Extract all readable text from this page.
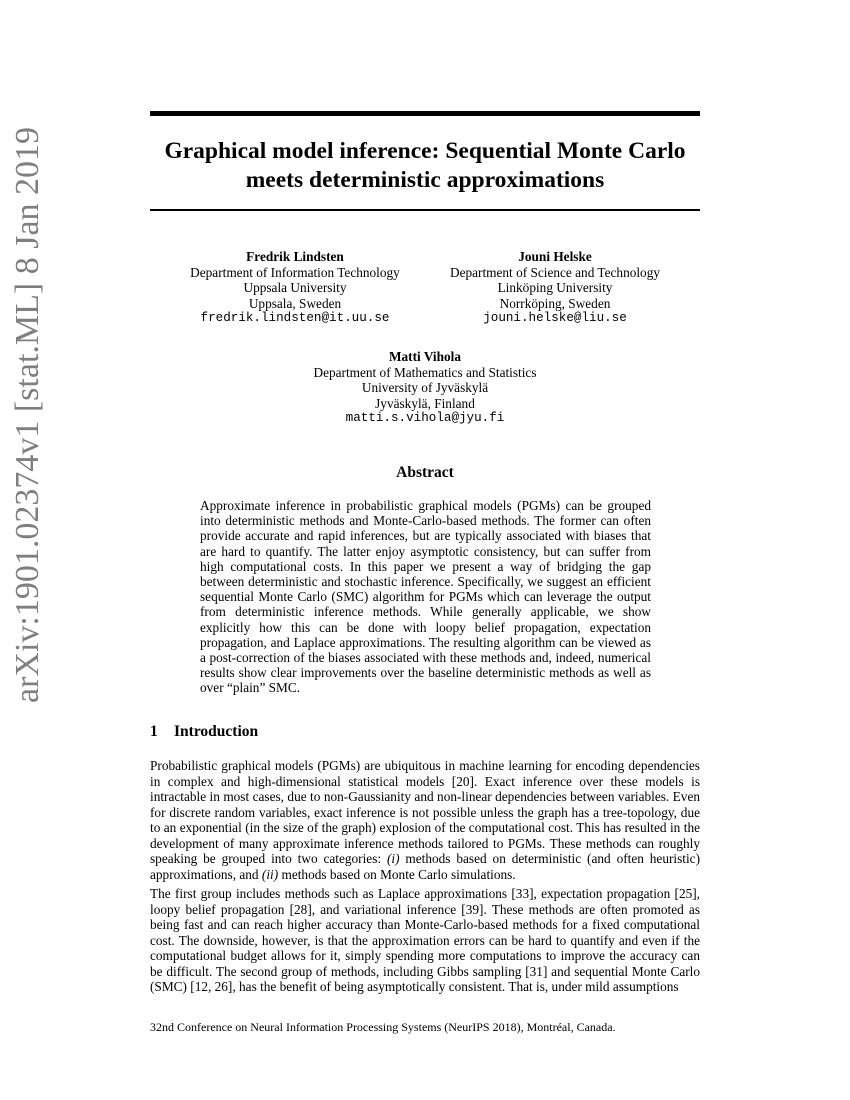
arXiv:1901.02374v1 [stat.ML] 8 Jan 2019	Graphical model inference: Sequential Monte Carlo meets deterministic approximations
Fredrik Lindsten
Department of Information Technology
Uppsala University
Uppsala, Sweden
fredrik.lindsten@it.uu.se
Jouni Helske
Department of Science and Technology
Linköping University
Norrköping, Sweden
jouni.helske@liu.se
Matti Vihola
Department of Mathematics and Statistics
University of Jyväskylä
Jyväskylä, Finland
matti.s.vihola@jyu.fi
Abstract

Approximate inference in probabilistic graphical models (PGMs) can be grouped into deterministic methods and Monte-Carlo-based methods. The former can often provide accurate and rapid inferences, but are typically associated with biases that are hard to quantify. The latter enjoy asymptotic consistency, but can suffer from high computational costs. In this paper we present a way of bridging the gap between deterministic and stochastic inference. Specifically, we suggest an efficient sequential Monte Carlo (SMC) algorithm for PGMs which can leverage the output from deterministic inference methods. While generally applicable, we show explicitly how this can be done with loopy belief propagation, expectation propagation, and Laplace approximations. The resulting algorithm can be viewed as a post-correction of the biases associated with these methods and, indeed, numerical results show clear improvements over the baseline deterministic methods as well as over “plain” SMC.

1 Introduction

Probabilistic graphical models (PGMs) are ubiquitous in machine learning for encoding dependencies in complex and high-dimensional statistical models [20]. Exact inference over these models is intractable in most cases, due to non-Gaussianity and non-linear dependencies between variables. Even for discrete random variables, exact inference is not possible unless the graph has a tree-topology, due to an exponential (in the size of the graph) explosion of the computational cost. This has resulted in the development of many approximate inference methods tailored to PGMs. These methods can roughly speaking be grouped into two categories: (i) methods based on deterministic (and often heuristic) approximations, and (ii) methods based on Monte Carlo simulations.

The first group includes methods such as Laplace approximations [33], expectation propagation [25], loopy belief propagation [28], and variational inference [39]. These methods are often promoted as being fast and can reach higher accuracy than Monte-Carlo-based methods for a fixed computational cost. The downside, however, is that the approximation errors can be hard to quantify and even if the computational budget allows for it, simply spending more computations to improve the accuracy can be difficult. The second group of methods, including Gibbs sampling [31] and sequential Monte Carlo (SMC) [12, 26], has the benefit of being asymptotically consistent. That is, under mild assumptions

32nd Conference on Neural Information Processing Systems (NeurIPS 2018), Montréal, Canada.
